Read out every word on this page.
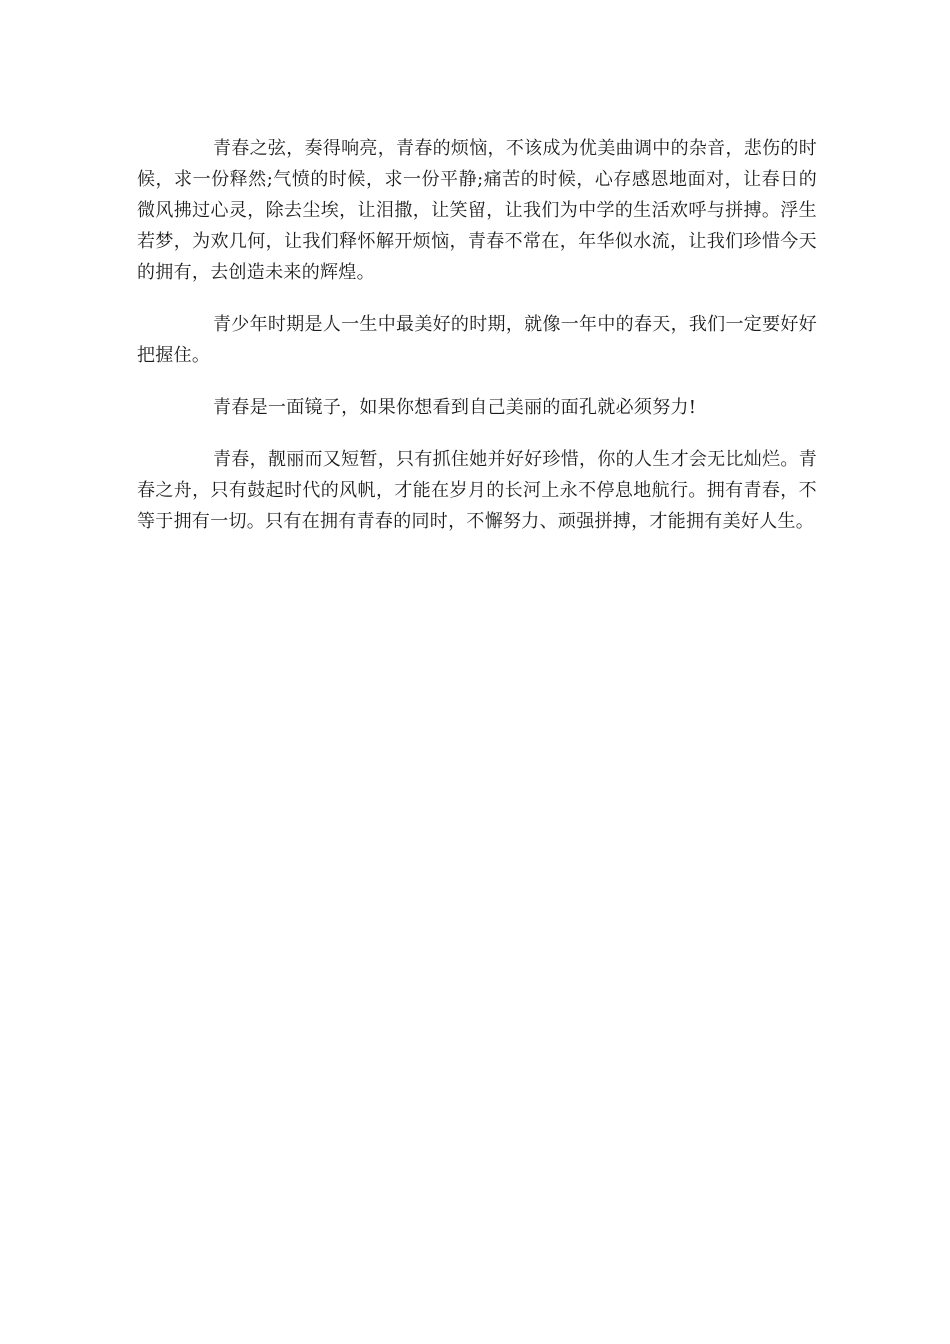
青春之弦，奏得响亮，青春的烦恼，不该成为优美曲调中的杂音，悲伤的时候，求一份释然;气愤的时候，求一份平静;痛苦的时候，心存感恩地面对，让春日的微风拂过心灵，除去尘埃，让泪撒，让笑留，让我们为中学的生活欢呼与拼搏。浮生若梦，为欢几何，让我们释怀解开烦恼，青春不常在，年华似水流，让我们珍惜今天的拥有，去创造未来的辉煌。

青少年时期是人一生中最美好的时期，就像一年中的春天，我们一定要好好把握住。

青春是一面镜子，如果你想看到自己美丽的面孔就必须努力!

青春，靓丽而又短暂，只有抓住她并好好珍惜，你的人生才会无比灿烂。青春之舟，只有鼓起时代的风帆，才能在岁月的长河上永不停息地航行。拥有青春，不等于拥有一切。只有在拥有青春的同时，不懈努力、顽强拼搏，才能拥有美好人生。
